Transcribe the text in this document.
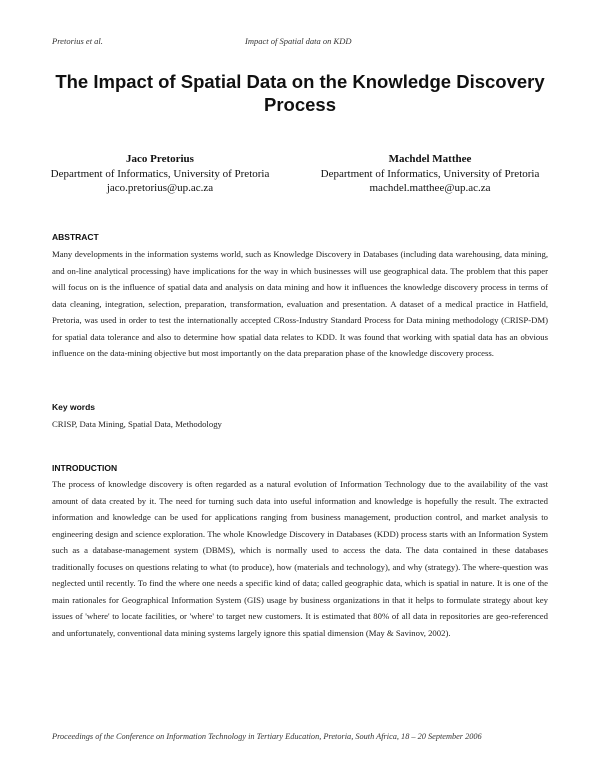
Pretorius et al.	Impact of Spatial data on KDD
The Impact of Spatial Data on the Knowledge Discovery Process
Jaco Pretorius
Department of Informatics, University of Pretoria
jaco.pretorius@up.ac.za
Machdel Matthee
Department of Informatics, University of Pretoria
machdel.matthee@up.ac.za
ABSTRACT

Many developments in the information systems world, such as Knowledge Discovery in Databases (including data warehousing, data mining, and on-line analytical processing) have implications for the way in which businesses will use geographical data. The problem that this paper will focus on is the influence of spatial data and analysis on data mining and how it influences the knowledge discovery process in terms of data cleaning, integration, selection, preparation, transformation, evaluation and presentation. A dataset of a medical practice in Hatfield, Pretoria, was used in order to test the internationally accepted CRoss-Industry Standard Process for Data mining methodology (CRISP-DM) for spatial data tolerance and also to determine how spatial data relates to KDD. It was found that working with spatial data has an obvious influence on the data-mining objective but most importantly on the data preparation phase of the knowledge discovery process.

Key words

CRISP, Data Mining, Spatial Data, Methodology

INTRODUCTION

The process of knowledge discovery is often regarded as a natural evolution of Information Technology due to the availability of the vast amount of data created by it. The need for turning such data into useful information and knowledge is hopefully the result. The extracted information and knowledge can be used for applications ranging from business management, production control, and market analysis to engineering design and science exploration. The whole Knowledge Discovery in Databases (KDD) process starts with an Information System such as a database-management system (DBMS), which is normally used to access the data. The data contained in these databases traditionally focuses on questions relating to what (to produce), how (materials and technology), and why (strategy). The where-question was neglected until recently. To find the where one needs a specific kind of data; called geographic data, which is spatial in nature. It is one of the main rationales for Geographical Information System (GIS) usage by business organizations in that it helps to formulate strategy about key issues of 'where' to locate facilities, or 'where' to target new customers. It is estimated that 80% of all data in repositories are geo-referenced and unfortunately, conventional data mining systems largely ignore this spatial dimension (May & Savinov, 2002).

Proceedings of the Conference on Information Technology in Tertiary Education, Pretoria, South Africa, 18 – 20 September 2006
